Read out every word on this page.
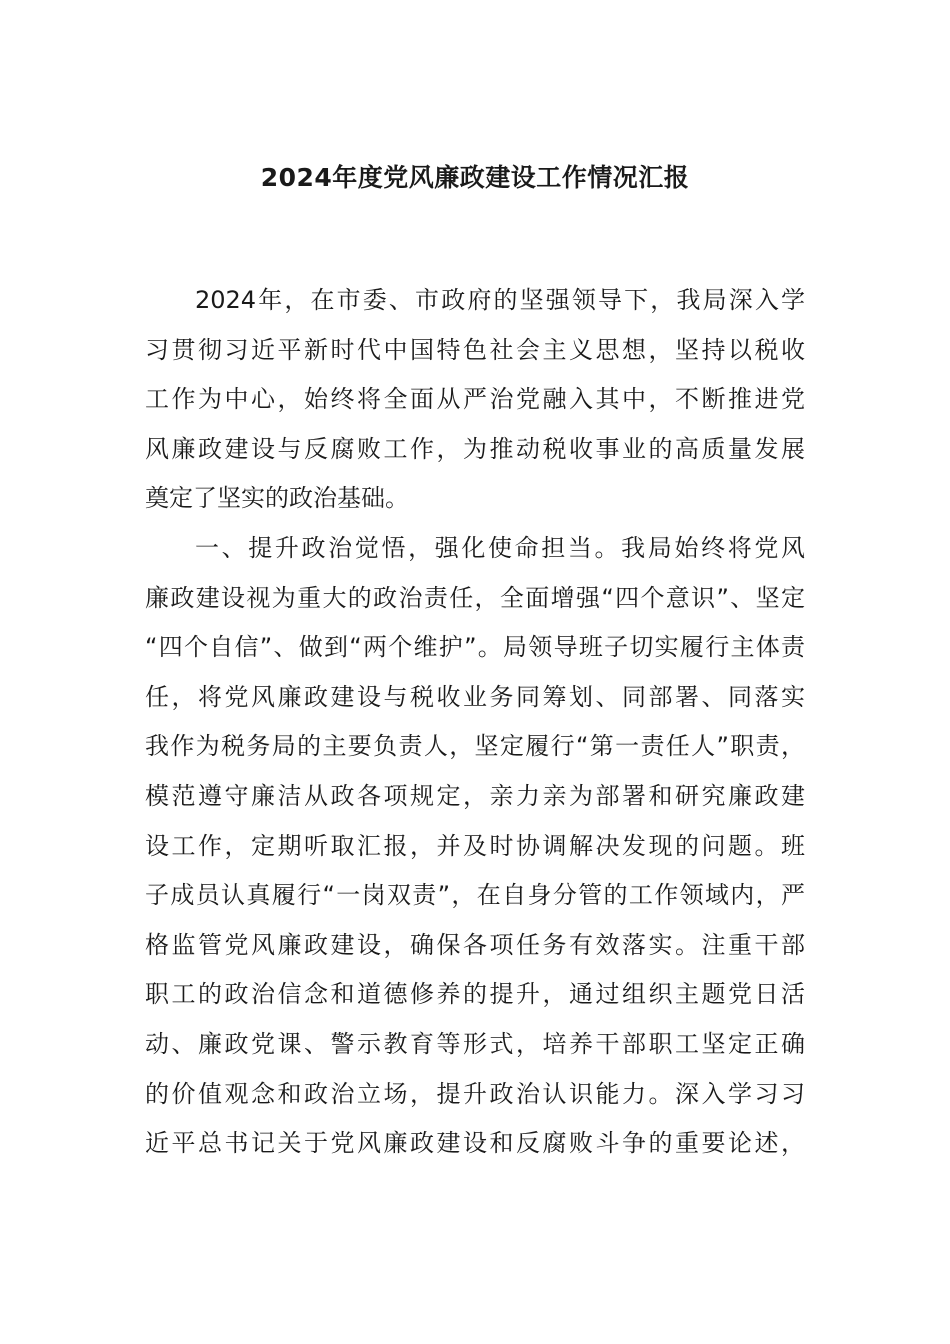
2024年度党风廉政建设工作情况汇报
2024年，在市委、市政府的坚强领导下，我局深入学
习贯彻习近平新时代中国特色社会主义思想，坚持以税收
工作为中心，始终将全面从严治党融入其中，不断推进党
风廉政建设与反腐败工作，为推动税收事业的高质量发展
奠定了坚实的政治基础。
一、提升政治觉悟，强化使命担当。我局始终将党风
廉政建设视为重大的政治责任，全面增强“四个意识”、坚定
“四个自信”、做到“两个维护”。局领导班子切实履行主体责
任，将党风廉政建设与税收业务同筹划、同部署、同落实
我作为税务局的主要负责人，坚定履行“第一责任人”职责，
模范遵守廉洁从政各项规定，亲力亲为部署和研究廉政建
设工作，定期听取汇报，并及时协调解决发现的问题。班
子成员认真履行“一岗双责”，在自身分管的工作领域内，严
格监管党风廉政建设，确保各项任务有效落实。注重干部
职工的政治信念和道德修养的提升，通过组织主题党日活
动、廉政党课、警示教育等形式，培养干部职工坚定正确
的价值观念和政治立场，提升政治认识能力。深入学习习
近平总书记关于党风廉政建设和反腐败斗争的重要论述，
